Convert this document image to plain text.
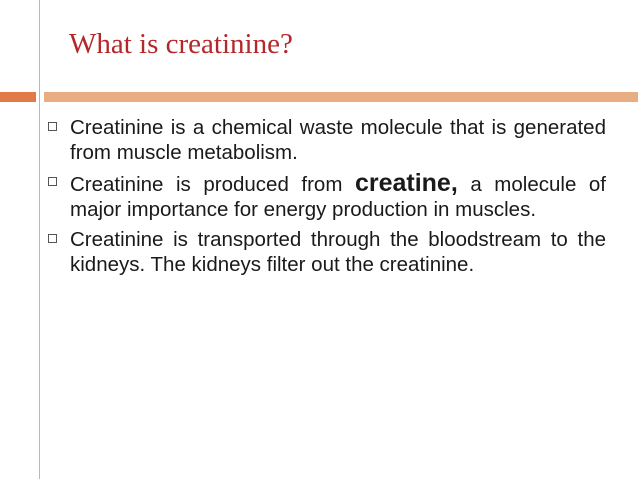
What is creatinine?
Creatinine is a chemical waste molecule that is generated from muscle metabolism.
Creatinine is produced from creatine, a molecule of major importance for energy production in muscles.
Creatinine is transported through the bloodstream to the kidneys. The kidneys filter out the creatinine.
